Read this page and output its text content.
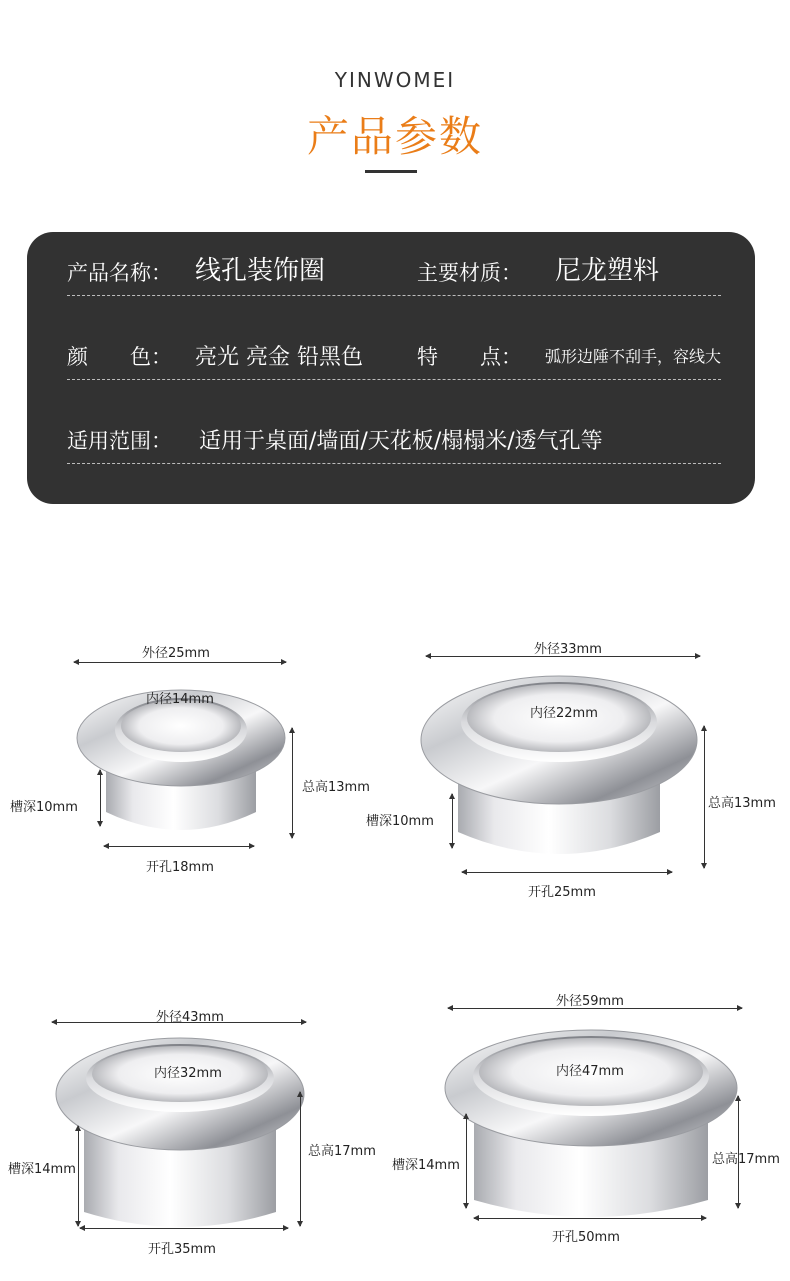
YINWOMEI
产品参数
产品名称： 线孔装饰圈	主要材质： 尼龙塑料
颜　　色： 亮光 亮金 铅黑色	特　　点： 弧形边陲不刮手，容线大
适用范围： 适用于桌面/墙面/天花板/榻榻米/透气孔等
外径25mm
内径14mm
总高13mm
槽深10mm
开孔18mm
外径33mm
内径22mm
总高13mm
槽深10mm
开孔25mm
外径43mm
内径32mm
总高17mm
槽深14mm
开孔35mm
外径59mm
内径47mm
总高17mm
槽深14mm
开孔50mm
